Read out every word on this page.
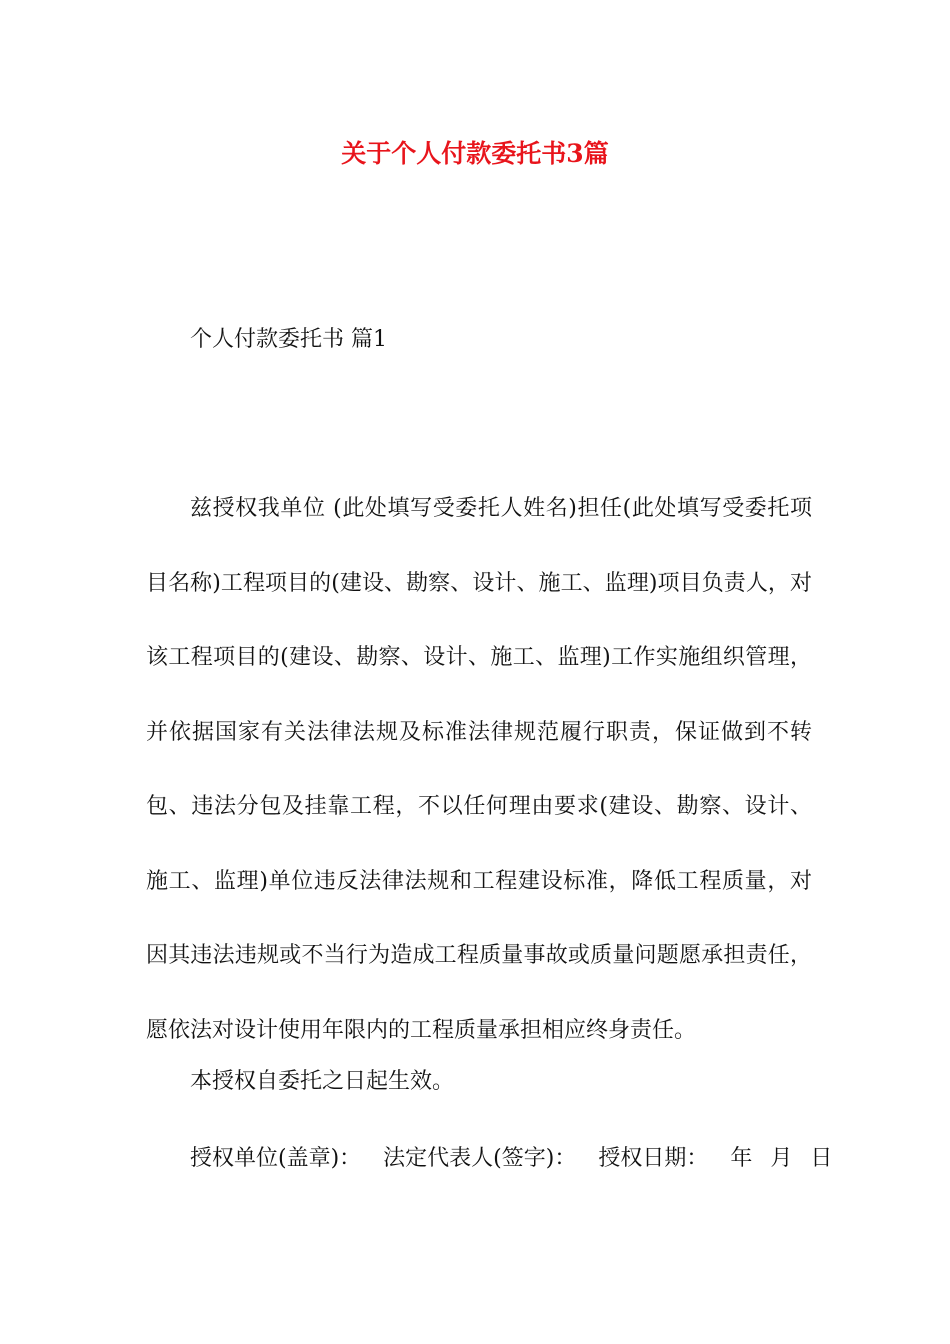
关于个人付款委托书3篇
个人付款委托书 篇1

兹授权我单位 (此处填写受委托人姓名)担任(此处填写受委托项目名称)工程项目的(建设、勘察、设计、施工、监理)项目负责人，对该工程项目的(建设、勘察、设计、施工、监理)工作实施组织管理，并依据国家有关法律法规及标准法律规范履行职责，保证做到不转包、违法分包及挂靠工程，不以任何理由要求(建设、勘察、设计、施工、监理)单位违反法律法规和工程建设标准，降低工程质量，对因其违法违规或不当行为造成工程质量事故或质量问题愿承担责任，愿依法对设计使用年限内的工程质量承担相应终身责任。

本授权自委托之日起生效。

授权单位(盖章)： 法定代表人(签字)： 授权日期： 年 月 日
